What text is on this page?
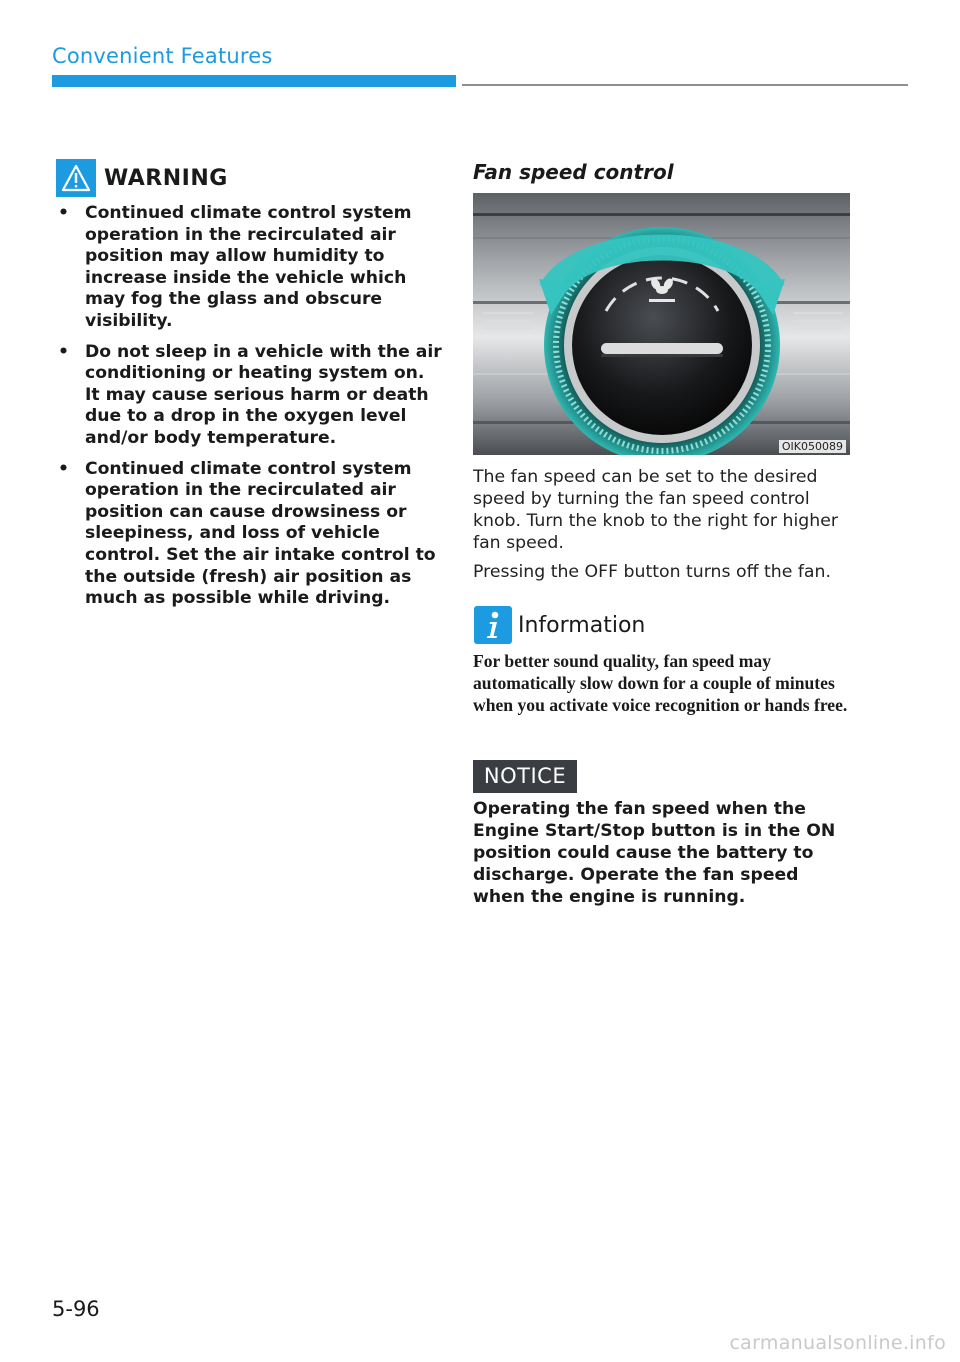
Convenient Features
WARNING
• Continued climate control system operation in the recirculated air position may allow humidity to increase inside the vehicle which may fog the glass and obscure visibility.
• Do not sleep in a vehicle with the air conditioning or heating system on. It may cause serious harm or death due to a drop in the oxygen level and/or body temperature.
• Continued climate control system operation in the recirculated air position can cause drowsiness or sleepiness, and loss of vehicle control. Set the air intake control to the outside (fresh) air position as much as possible while driving.
Fan speed control
OIK050089

The fan speed can be set to the desired speed by turning the fan speed control knob. Turn the knob to the right for higher fan speed.

Pressing the OFF button turns off the fan.

Information

For better sound quality, fan speed may automatically slow down for a couple of minutes when you activate voice recognition or hands free.

NOTICE

Operating the fan speed when the Engine Start/Stop button is in the ON position could cause the battery to discharge. Operate the fan speed when the engine is running.

5-96
carmanualsonline.info
